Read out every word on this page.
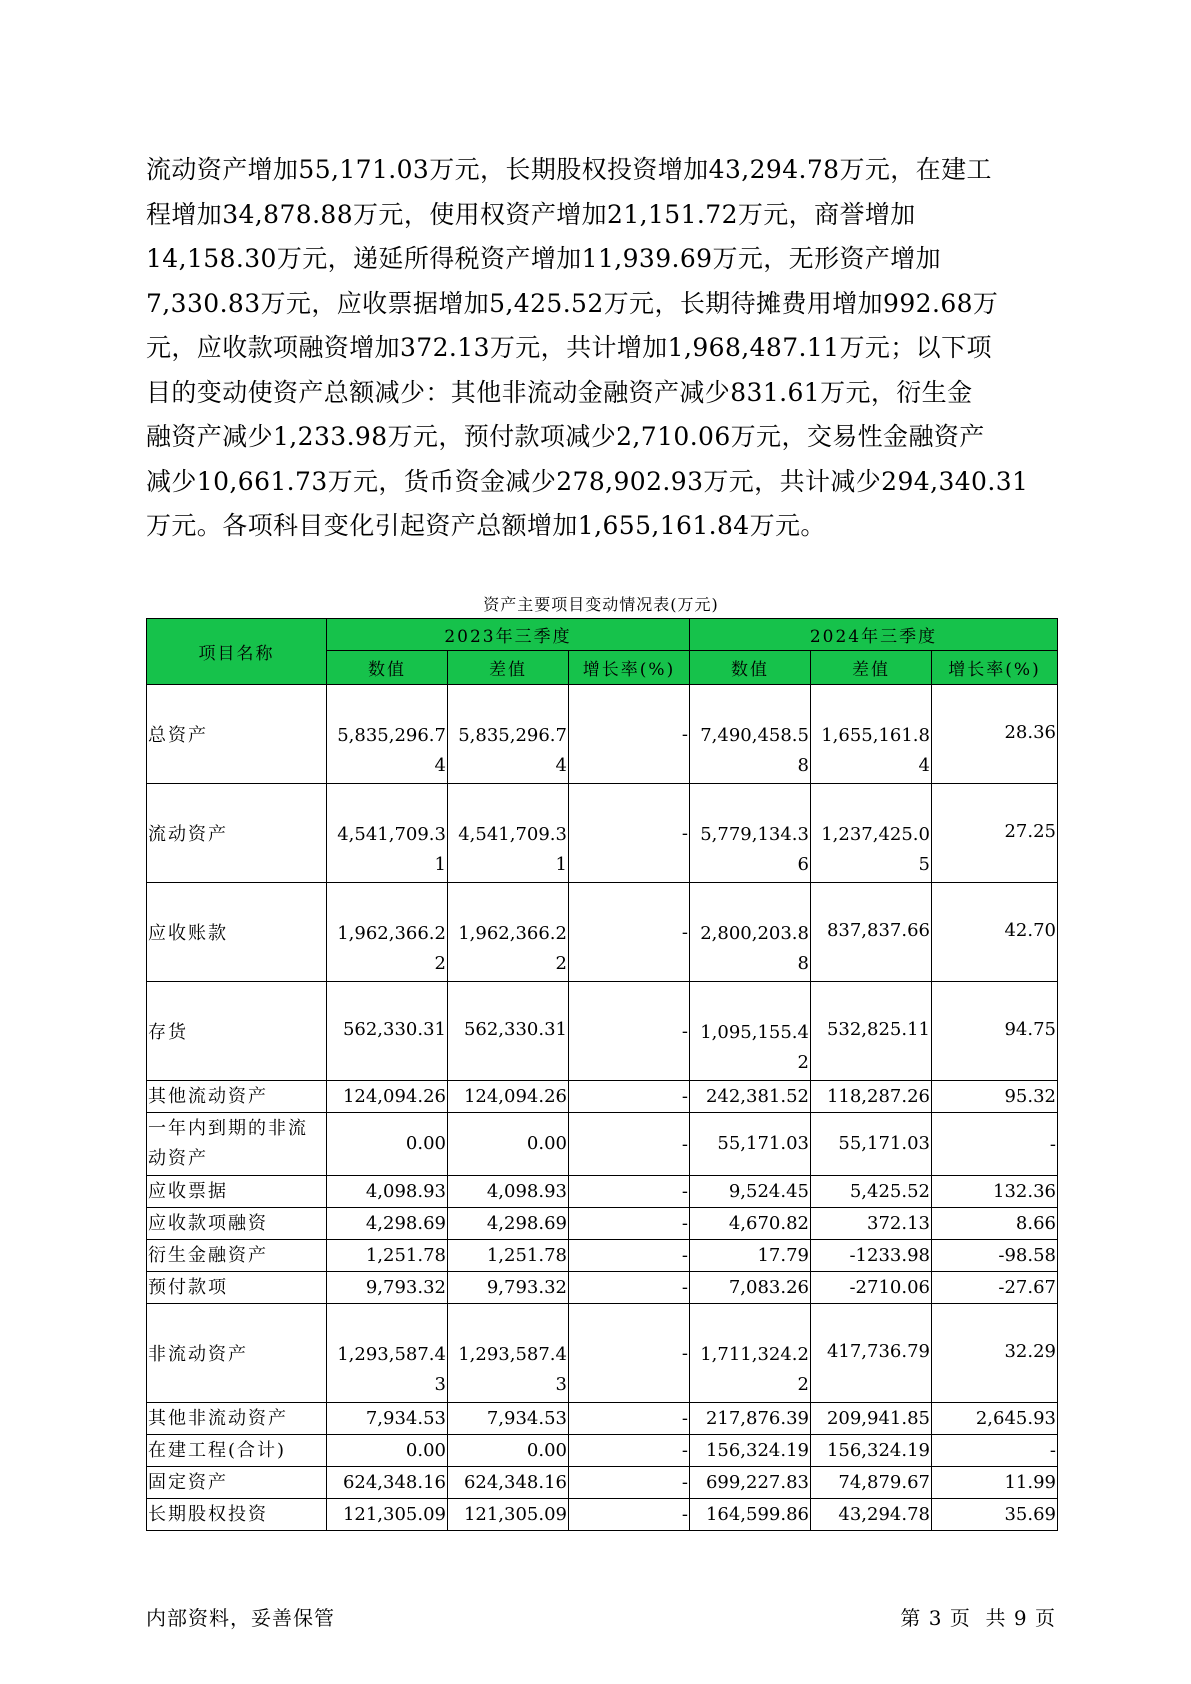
流动资产增加55,171.03万元，长期股权投资增加43,294.78万元，在建工

程增加34,878.88万元，使用权资产增加21,151.72万元，商誉增加

14,158.30万元，递延所得税资产增加11,939.69万元，无形资产增加

7,330.83万元，应收票据增加5,425.52万元，长期待摊费用增加992.68万

元，应收款项融资增加372.13万元，共计增加1,968,487.11万元；以下项

目的变动使资产总额减少：其他非流动金融资产减少831.61万元，衍生金

融资产减少1,233.98万元，预付款项减少2,710.06万元，交易性金融资产

减少10,661.73万元，货币资金减少278,902.93万元，共计减少294,340.31

万元。各项科目变化引起资产总额增加1,655,161.84万元。

资产主要项目变动情况表(万元)
项目名称	2023年三季度			2024年三季度		
	数值	差值	增长率(%)	数值	差值	增长率(%)
总资产	5,835,296.74	5,835,296.74	-	7,490,458.58	1,655,161.84	28.36
流动资产	4,541,709.31	4,541,709.31	-	5,779,134.36	1,237,425.05	27.25
应收账款	1,962,366.22	1,962,366.22	-	2,800,203.88	837,837.66	42.70
存货	562,330.31	562,330.31	-	1,095,155.42	532,825.11	94.75
其他流动资产	124,094.26	124,094.26	-	242,381.52	118,287.26	95.32
一年内到期的非流动资产	0.00	0.00	-	55,171.03	55,171.03	-
应收票据	4,098.93	4,098.93	-	9,524.45	5,425.52	132.36
应收款项融资	4,298.69	4,298.69	-	4,670.82	372.13	8.66
衍生金融资产	1,251.78	1,251.78	-	17.79	-1233.98	-98.58
预付款项	9,793.32	9,793.32	-	7,083.26	-2710.06	-27.67
非流动资产	1,293,587.43	1,293,587.43	-	1,711,324.22	417,736.79	32.29
其他非流动资产	7,934.53	7,934.53	-	217,876.39	209,941.85	2,645.93
在建工程(合计)	0.00	0.00	-	156,324.19	156,324.19	-
固定资产	624,348.16	624,348.16	-	699,227.83	74,879.67	11.99
长期股权投资	121,305.09	121,305.09	-	164,599.86	43,294.78	35.69
内部资料，妥善保管	第 3 页  共 9 页
